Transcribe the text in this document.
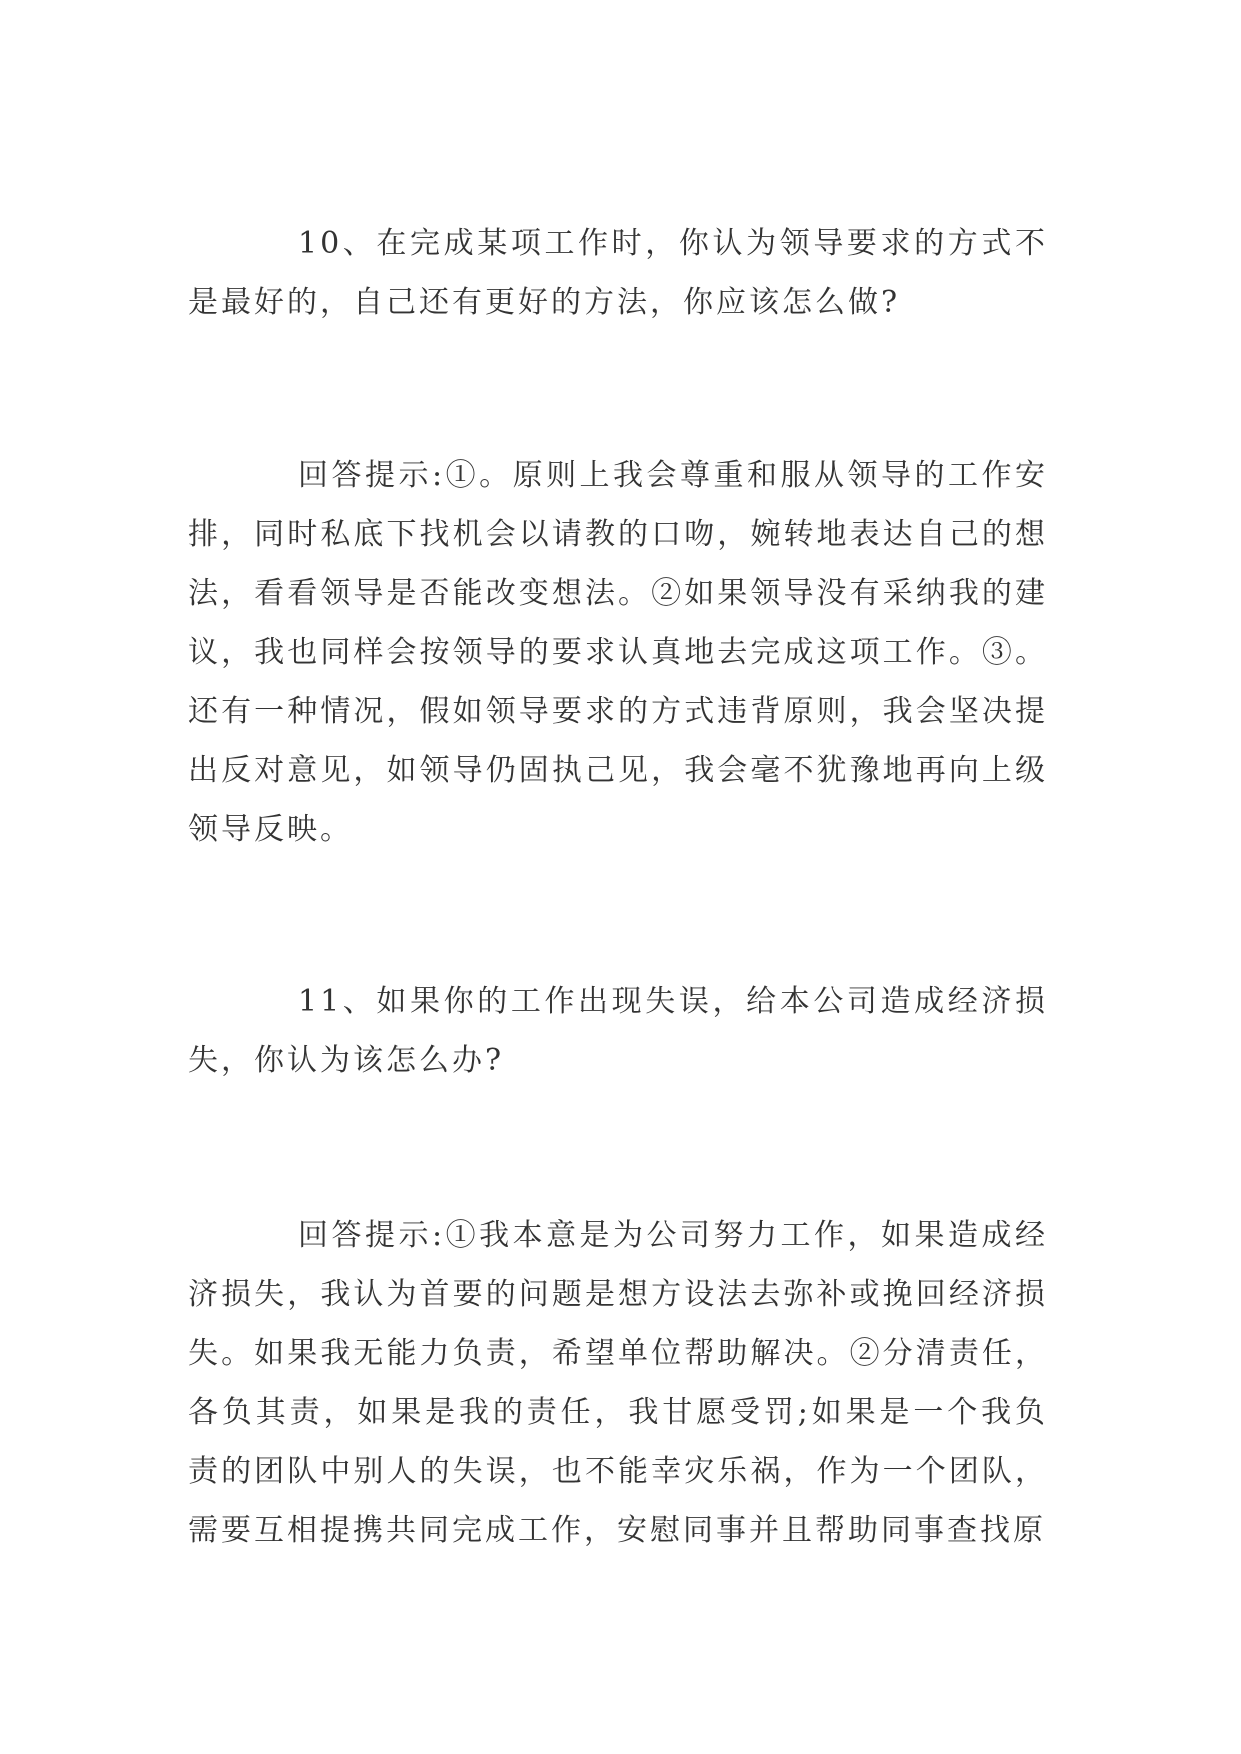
10、在完成某项工作时，你认为领导要求的方式不是最好的，自己还有更好的方法，你应该怎么做?

回答提示:①。原则上我会尊重和服从领导的工作安排，同时私底下找机会以请教的口吻，婉转地表达自己的想法，看看领导是否能改变想法。②如果领导没有采纳我的建议，我也同样会按领导的要求认真地去完成这项工作。③。还有一种情况，假如领导要求的方式违背原则，我会坚决提出反对意见，如领导仍固执己见，我会毫不犹豫地再向上级领导反映。

11、如果你的工作出现失误，给本公司造成经济损失，你认为该怎么办?

回答提示:①我本意是为公司努力工作，如果造成经济损失，我认为首要的问题是想方设法去弥补或挽回经济损失。如果我无能力负责，希望单位帮助解决。②分清责任，各负其责，如果是我的责任，我甘愿受罚;如果是一个我负责的团队中别人的失误，也不能幸灾乐祸，作为一个团队，需要互相提携共同完成工作，安慰同事并且帮助同事查找原
